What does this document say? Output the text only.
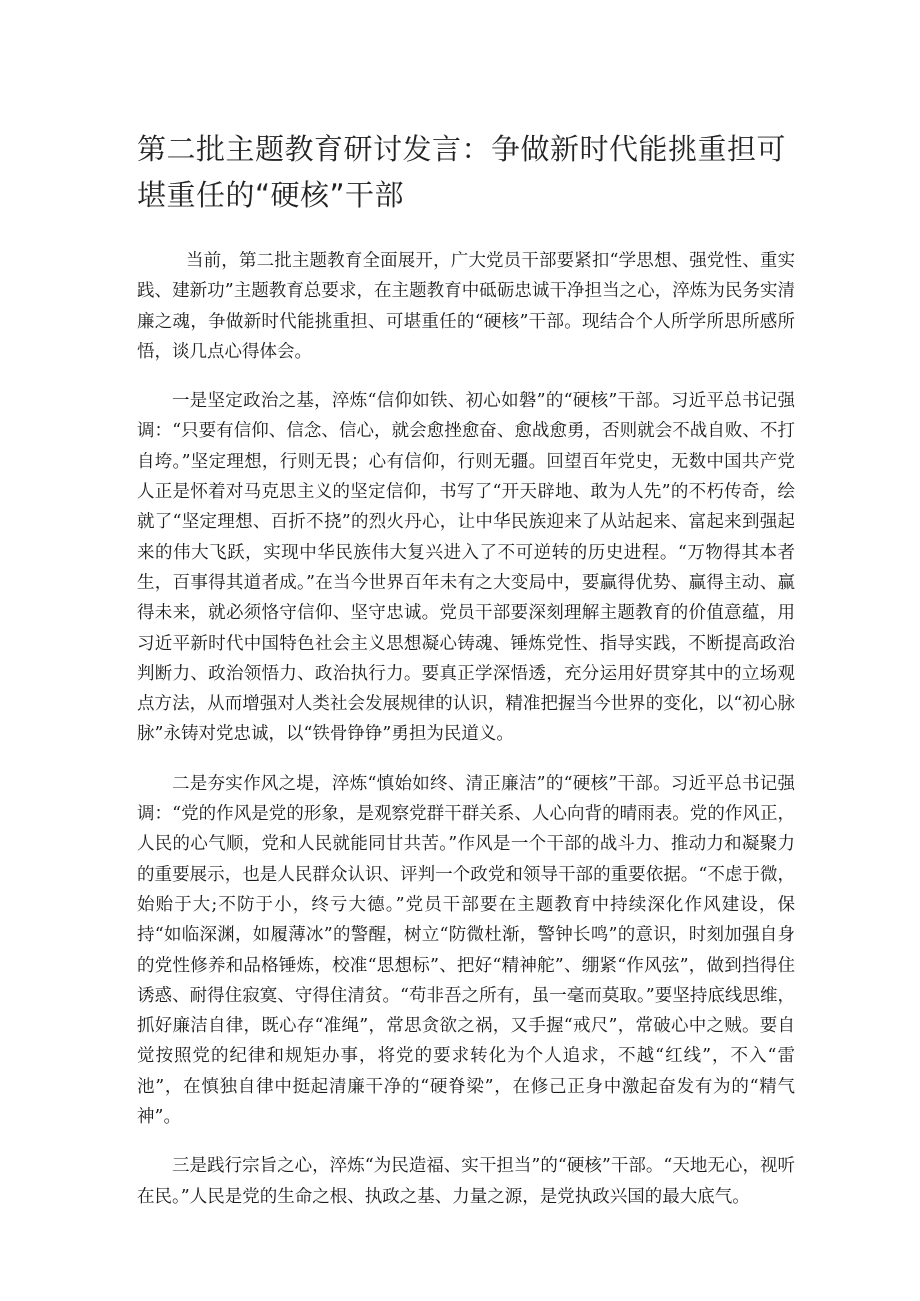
第二批主题教育研讨发言：争做新时代能挑重担可堪重任的“硬核”干部

当前，第二批主题教育全面展开，广大党员干部要紧扣“学思想、强党性、重实践、建新功”主题教育总要求，在主题教育中砥砺忠诚干净担当之心，淬炼为民务实清廉之魂，争做新时代能挑重担、可堪重任的“硬核”干部。现结合个人所学所思所感所悟，谈几点心得体会。

一是坚定政治之基，淬炼“信仰如铁、初心如磐”的“硬核”干部。习近平总书记强调：“只要有信仰、信念、信心，就会愈挫愈奋、愈战愈勇，否则就会不战自败、不打自垮。”坚定理想，行则无畏；心有信仰，行则无疆。回望百年党史，无数中国共产党人正是怀着对马克思主义的坚定信仰，书写了“开天辟地、敢为人先”的不朽传奇，绘就了“坚定理想、百折不挠”的烈火丹心，让中华民族迎来了从站起来、富起来到强起来的伟大飞跃，实现中华民族伟大复兴进入了不可逆转的历史进程。“万物得其本者生，百事得其道者成。”在当今世界百年未有之大变局中，要赢得优势、赢得主动、赢得未来，就必须恪守信仰、坚守忠诚。党员干部要深刻理解主题教育的价值意蕴，用习近平新时代中国特色社会主义思想凝心铸魂、锤炼党性、指导实践，不断提高政治判断力、政治领悟力、政治执行力。要真正学深悟透，充分运用好贯穿其中的立场观点方法，从而增强对人类社会发展规律的认识，精准把握当今世界的变化，以“初心脉脉”永铸对党忠诚，以“铁骨铮铮”勇担为民道义。

二是夯实作风之堤，淬炼“慎始如终、清正廉洁”的“硬核”干部。习近平总书记强调：“党的作风是党的形象，是观察党群干群关系、人心向背的晴雨表。党的作风正，人民的心气顺，党和人民就能同甘共苦。”作风是一个干部的战斗力、推动力和凝聚力的重要展示，也是人民群众认识、评判一个政党和领导干部的重要依据。“不虑于微，始贻于大;不防于小，终亏大德。”党员干部要在主题教育中持续深化作风建设，保持“如临深渊，如履薄冰”的警醒，树立“防微杜渐，警钟长鸣”的意识，时刻加强自身的党性修养和品格锤炼，校准“思想标”、把好“精神舵”、绷紧“作风弦”，做到挡得住诱惑、耐得住寂寞、守得住清贫。“苟非吾之所有，虽一毫而莫取。”要坚持底线思维，抓好廉洁自律，既心存“准绳”，常思贪欲之祸，又手握“戒尺”，常破心中之贼。要自觉按照党的纪律和规矩办事，将党的要求转化为个人追求，不越“红线”，不入“雷池”，在慎独自律中挺起清廉干净的“硬脊梁”，在修己正身中激起奋发有为的“精气神”。

三是践行宗旨之心，淬炼“为民造福、实干担当”的“硬核”干部。“天地无心，视听在民。”人民是党的生命之根、执政之基、力量之源，是党执政兴国的最大底气。
